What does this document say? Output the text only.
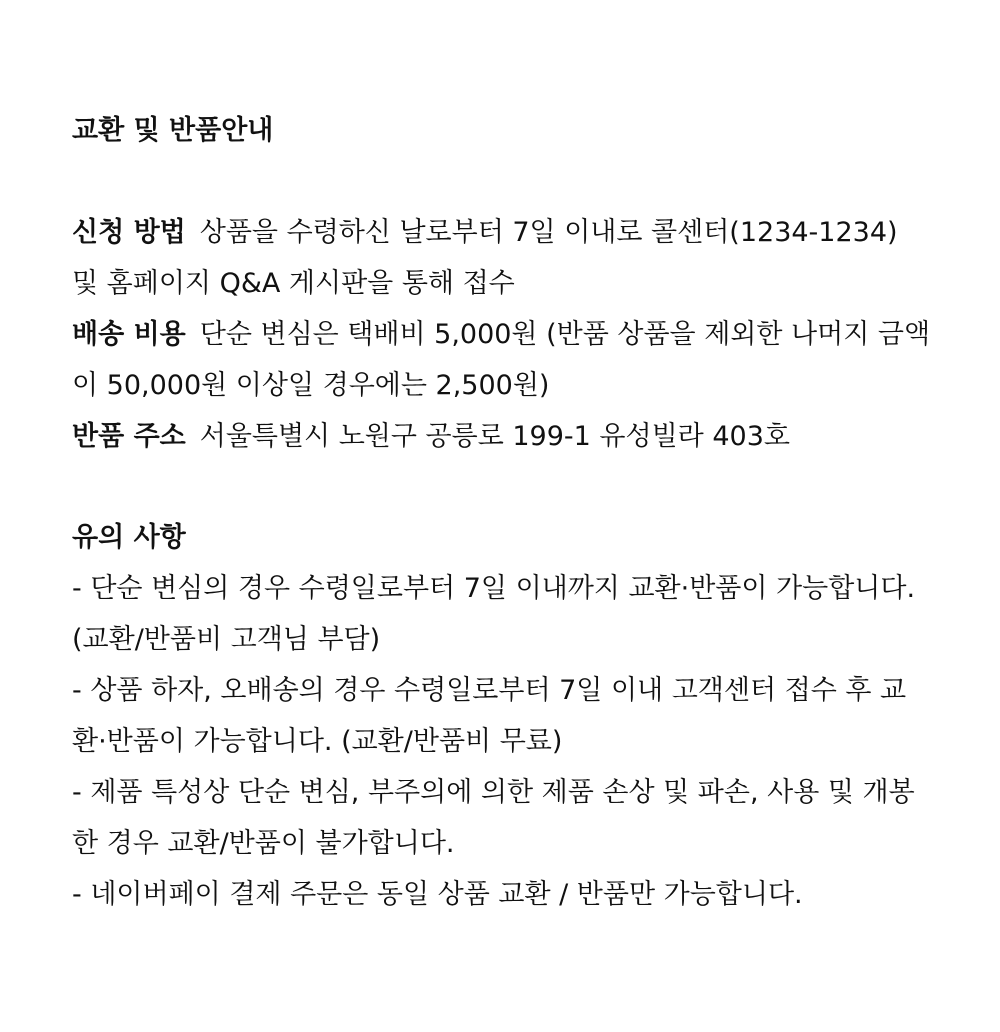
교환 및 반품안내
신청 방법 상품을 수령하신 날로부터 7일 이내로 콜센터(1234-1234) 및 홈페이지 Q&A 게시판을 통해 접수
배송 비용 단순 변심은 택배비 5,000원 (반품 상품을 제외한 나머지 금액이 50,000원 이상일 경우에는 2,500원)
반품 주소 서울특별시 노원구 공릉로 199-1 유성빌라 403호
유의 사항
- 단순 변심의 경우 수령일로부터 7일 이내까지 교환·반품이 가능합니다. (교환/반품비 고객님 부담)
- 상품 하자, 오배송의 경우 수령일로부터 7일 이내 고객센터 접수 후 교환·반품이 가능합니다. (교환/반품비 무료)
- 제품 특성상 단순 변심, 부주의에 의한 제품 손상 및 파손, 사용 및 개봉한 경우 교환/반품이 불가합니다.
- 네이버페이 결제 주문은 동일 상품 교환 / 반품만 가능합니다.
